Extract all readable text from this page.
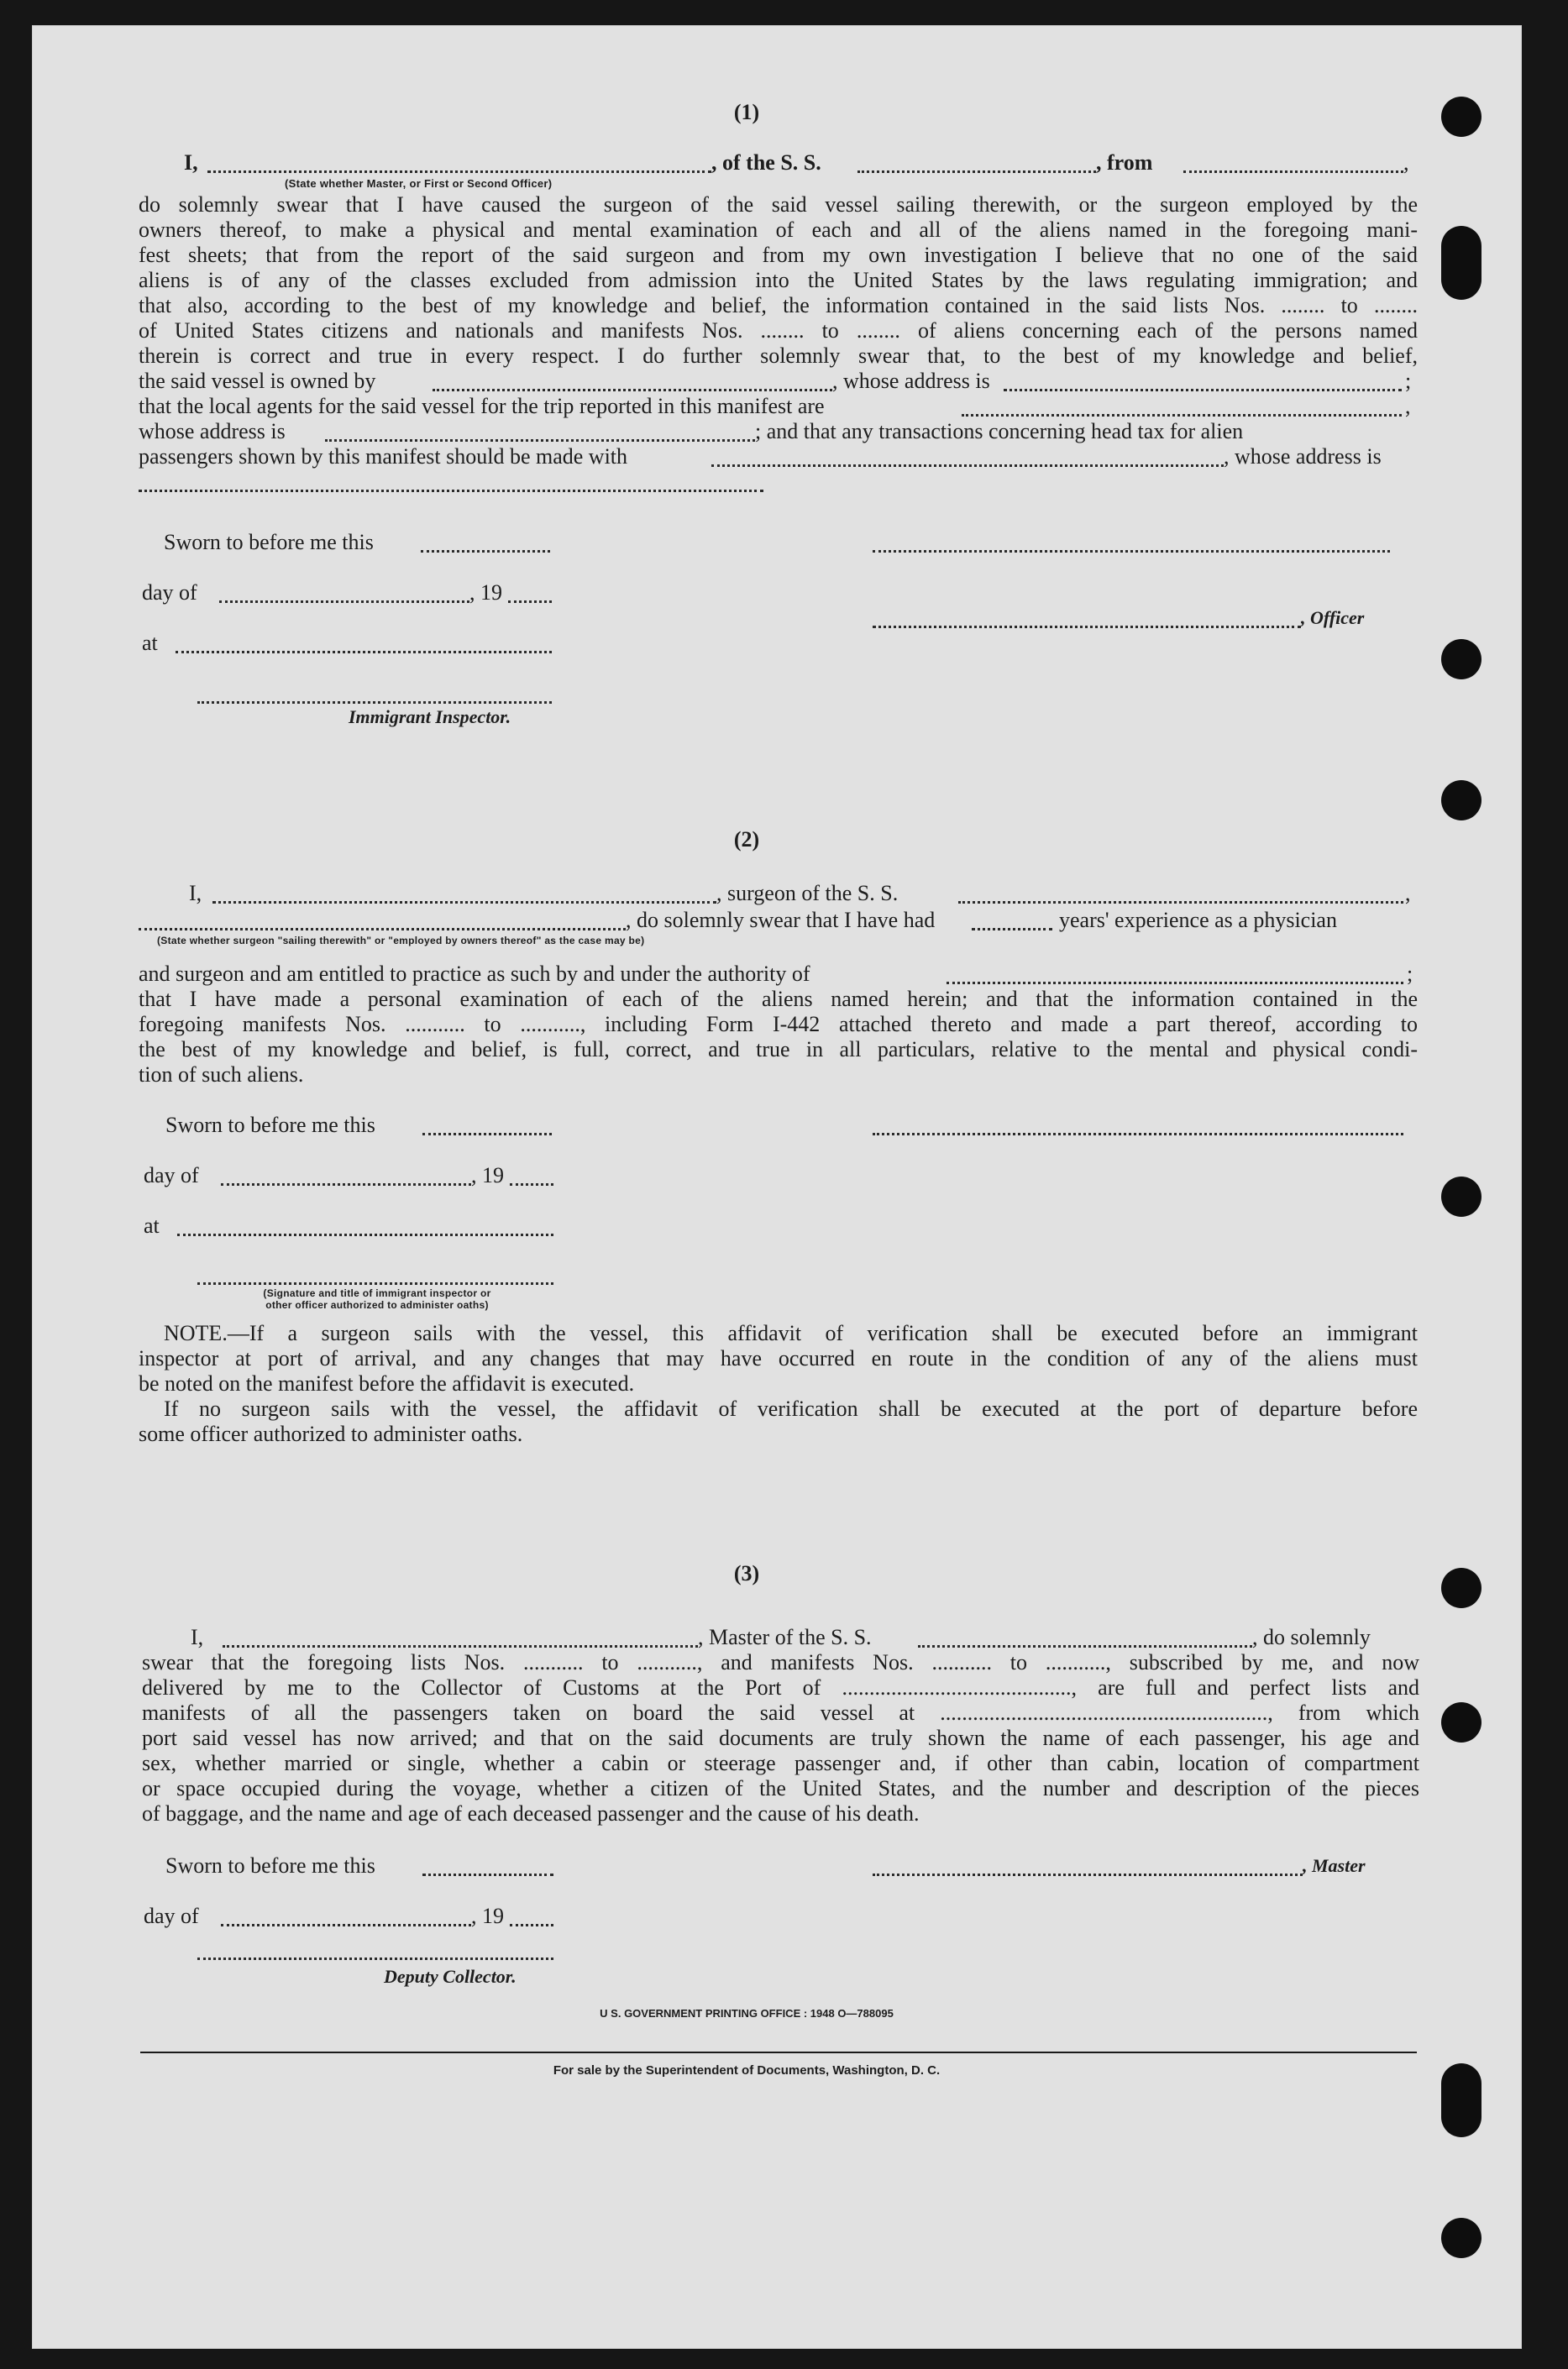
(1)
I,	, of the S. S.	, from	,
(State whether Master, or First or Second Officer)
do solemnly swear that I have caused the surgeon of the said vessel sailing therewith, or the surgeon employed by the
owners thereof, to make a physical and mental examination of each and all of the aliens named in the foregoing mani-
fest sheets; that from the report of the said surgeon and from my own investigation I believe that no one of the said
aliens is of any of the classes excluded from admission into the United States by the laws regulating immigration; and
that also, according to the best of my knowledge and belief, the information contained in the said lists Nos. ........ to ........
of United States citizens and nationals and manifests Nos. ........ to ........ of aliens concerning each of the persons named
therein is correct and true in every respect. I do further solemnly swear that, to the best of my knowledge and belief,
the said vessel is owned by	, whose address is	;
that the local agents for the said vessel for the trip reported in this manifest are	,
whose address is	; and that any transactions concerning head tax for alien
passengers shown by this manifest should be made with	, whose address is
Sworn to before me this
day of	, 19
, Officer
at
Immigrant Inspector.
(2)
I,	, surgeon of the S. S.	,
, do solemnly swear that I have had	years' experience as a physician
(State whether surgeon "sailing therewith" or "employed by owners thereof" as the case may be)
and surgeon and am entitled to practice as such by and under the authority of	;
that I have made a personal examination of each of the aliens named herein; and that the information contained in the
foregoing manifests Nos. ........... to ..........., including Form I-442 attached thereto and made a part thereof, according to
the best of my knowledge and belief, is full, correct, and true in all particulars, relative to the mental and physical condi-
tion of such aliens.
Sworn to before me this
day of	, 19
at
(Signature and title of immigrant inspector or
other officer authorized to administer oaths)
NOTE.—If a surgeon sails with the vessel, this affidavit of verification shall be executed before an immigrant
inspector at port of arrival, and any changes that may have occurred en route in the condition of any of the aliens must
be noted on the manifest before the affidavit is executed.
If no surgeon sails with the vessel, the affidavit of verification shall be executed at the port of departure before
some officer authorized to administer oaths.
(3)
I,	, Master of the S. S.	, do solemnly
swear that the foregoing lists Nos. ........... to ..........., and manifests Nos. ........... to ..........., subscribed by me, and now
delivered by me to the Collector of Customs at the Port of .........................................., are full and perfect lists and
manifests of all the passengers taken on board the said vessel at ............................................................, from which
port said vessel has now arrived; and that on the said documents are truly shown the name of each passenger, his age and
sex, whether married or single, whether a cabin or steerage passenger and, if other than cabin, location of compartment
or space occupied during the voyage, whether a citizen of the United States, and the number and description of the pieces
of baggage, and the name and age of each deceased passenger and the cause of his death.
Sworn to before me this	, Master
day of	, 19
Deputy Collector.
U S. GOVERNMENT PRINTING OFFICE : 1948 O—788095
For sale by the Superintendent of Documents, Washington, D. C.
